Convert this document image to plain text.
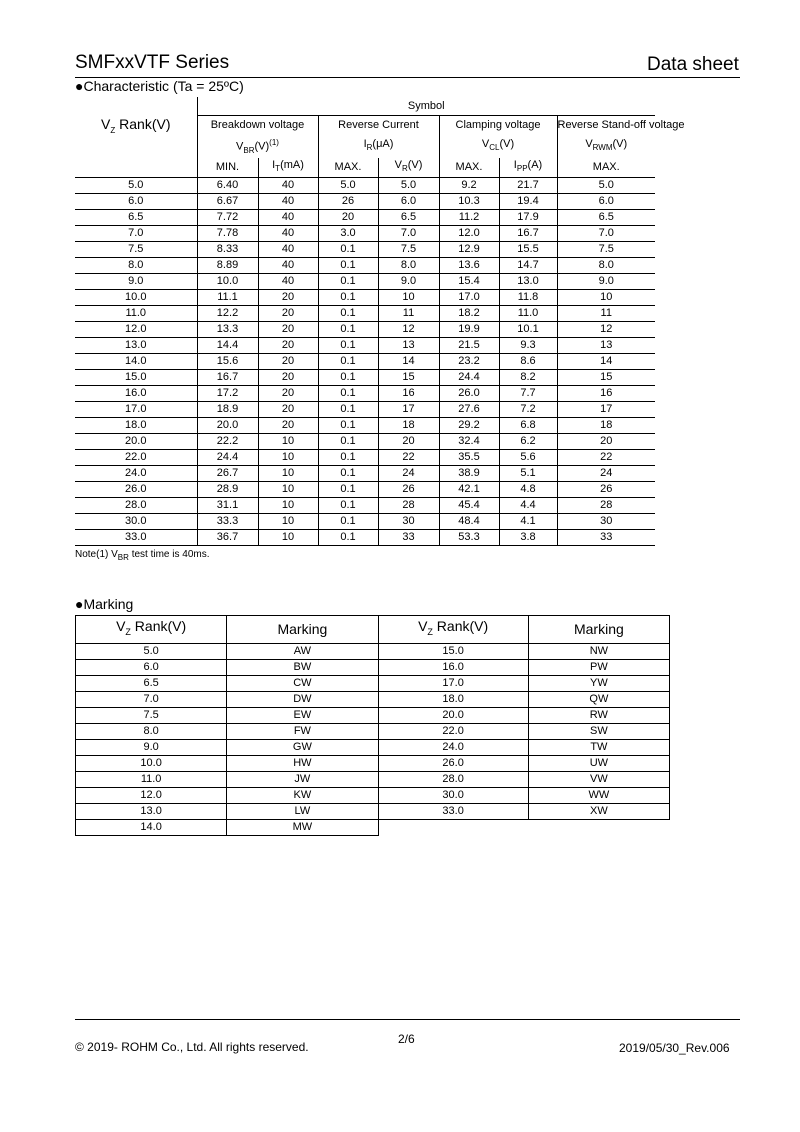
SMFxxVTF Series	Data sheet
●Characteristic (Ta = 25ºC)
$V_Z$ Rank(V)	Symbol						
	Breakdown voltage		Reverse Current		Clamping voltage		Reverse Stand-off voltage
	$V_{BR}(V)^{(1)}$		$I_R(\mu A)$		$V_{CL}(V)$		$V_{RWM}(V)$
	MIN.	$I_T(mA)$	MAX.	$V_R(V)$	MAX.	$I_{PP}(A)$	MAX.
5.0	6.40	40	5.0	5.0	9.2	21.7	5.0
6.0	6.67	40	26	6.0	10.3	19.4	6.0
6.5	7.72	40	20	6.5	11.2	17.9	6.5
7.0	7.78	40	3.0	7.0	12.0	16.7	7.0
7.5	8.33	40	0.1	7.5	12.9	15.5	7.5
8.0	8.89	40	0.1	8.0	13.6	14.7	8.0
9.0	10.0	40	0.1	9.0	15.4	13.0	9.0
10.0	11.1	20	0.1	10	17.0	11.8	10
11.0	12.2	20	0.1	11	18.2	11.0	11
12.0	13.3	20	0.1	12	19.9	10.1	12
13.0	14.4	20	0.1	13	21.5	9.3	13
14.0	15.6	20	0.1	14	23.2	8.6	14
15.0	16.7	20	0.1	15	24.4	8.2	15
16.0	17.2	20	0.1	16	26.0	7.7	16
17.0	18.9	20	0.1	17	27.6	7.2	17
18.0	20.0	20	0.1	18	29.2	6.8	18
20.0	22.2	10	0.1	20	32.4	6.2	20
22.0	24.4	10	0.1	22	35.5	5.6	22
24.0	26.7	10	0.1	24	38.9	5.1	24
26.0	28.9	10	0.1	26	42.1	4.8	26
28.0	31.1	10	0.1	28	45.4	4.4	28
30.0	33.3	10	0.1	30	48.4	4.1	30
33.0	36.7	10	0.1	33	53.3	3.8	33
Note(1) $V_{BR}$ test time is 40ms.
●Marking
$V_Z$ Rank(V)	Marking	$V_Z$ Rank(V)	Marking
5.0	AW	15.0	NW
6.0	BW	16.0	PW
6.5	CW	17.0	YW
7.0	DW	18.0	QW
7.5	EW	20.0	RW
8.0	FW	22.0	SW
9.0	GW	24.0	TW
10.0	HW	26.0	UW
11.0	JW	28.0	VW
12.0	KW	30.0	WW
13.0	LW	33.0	XW
14.0	MW		
© 2019- ROHM Co., Ltd. All rights reserved.
2/6
2019/05/30_Rev.006
